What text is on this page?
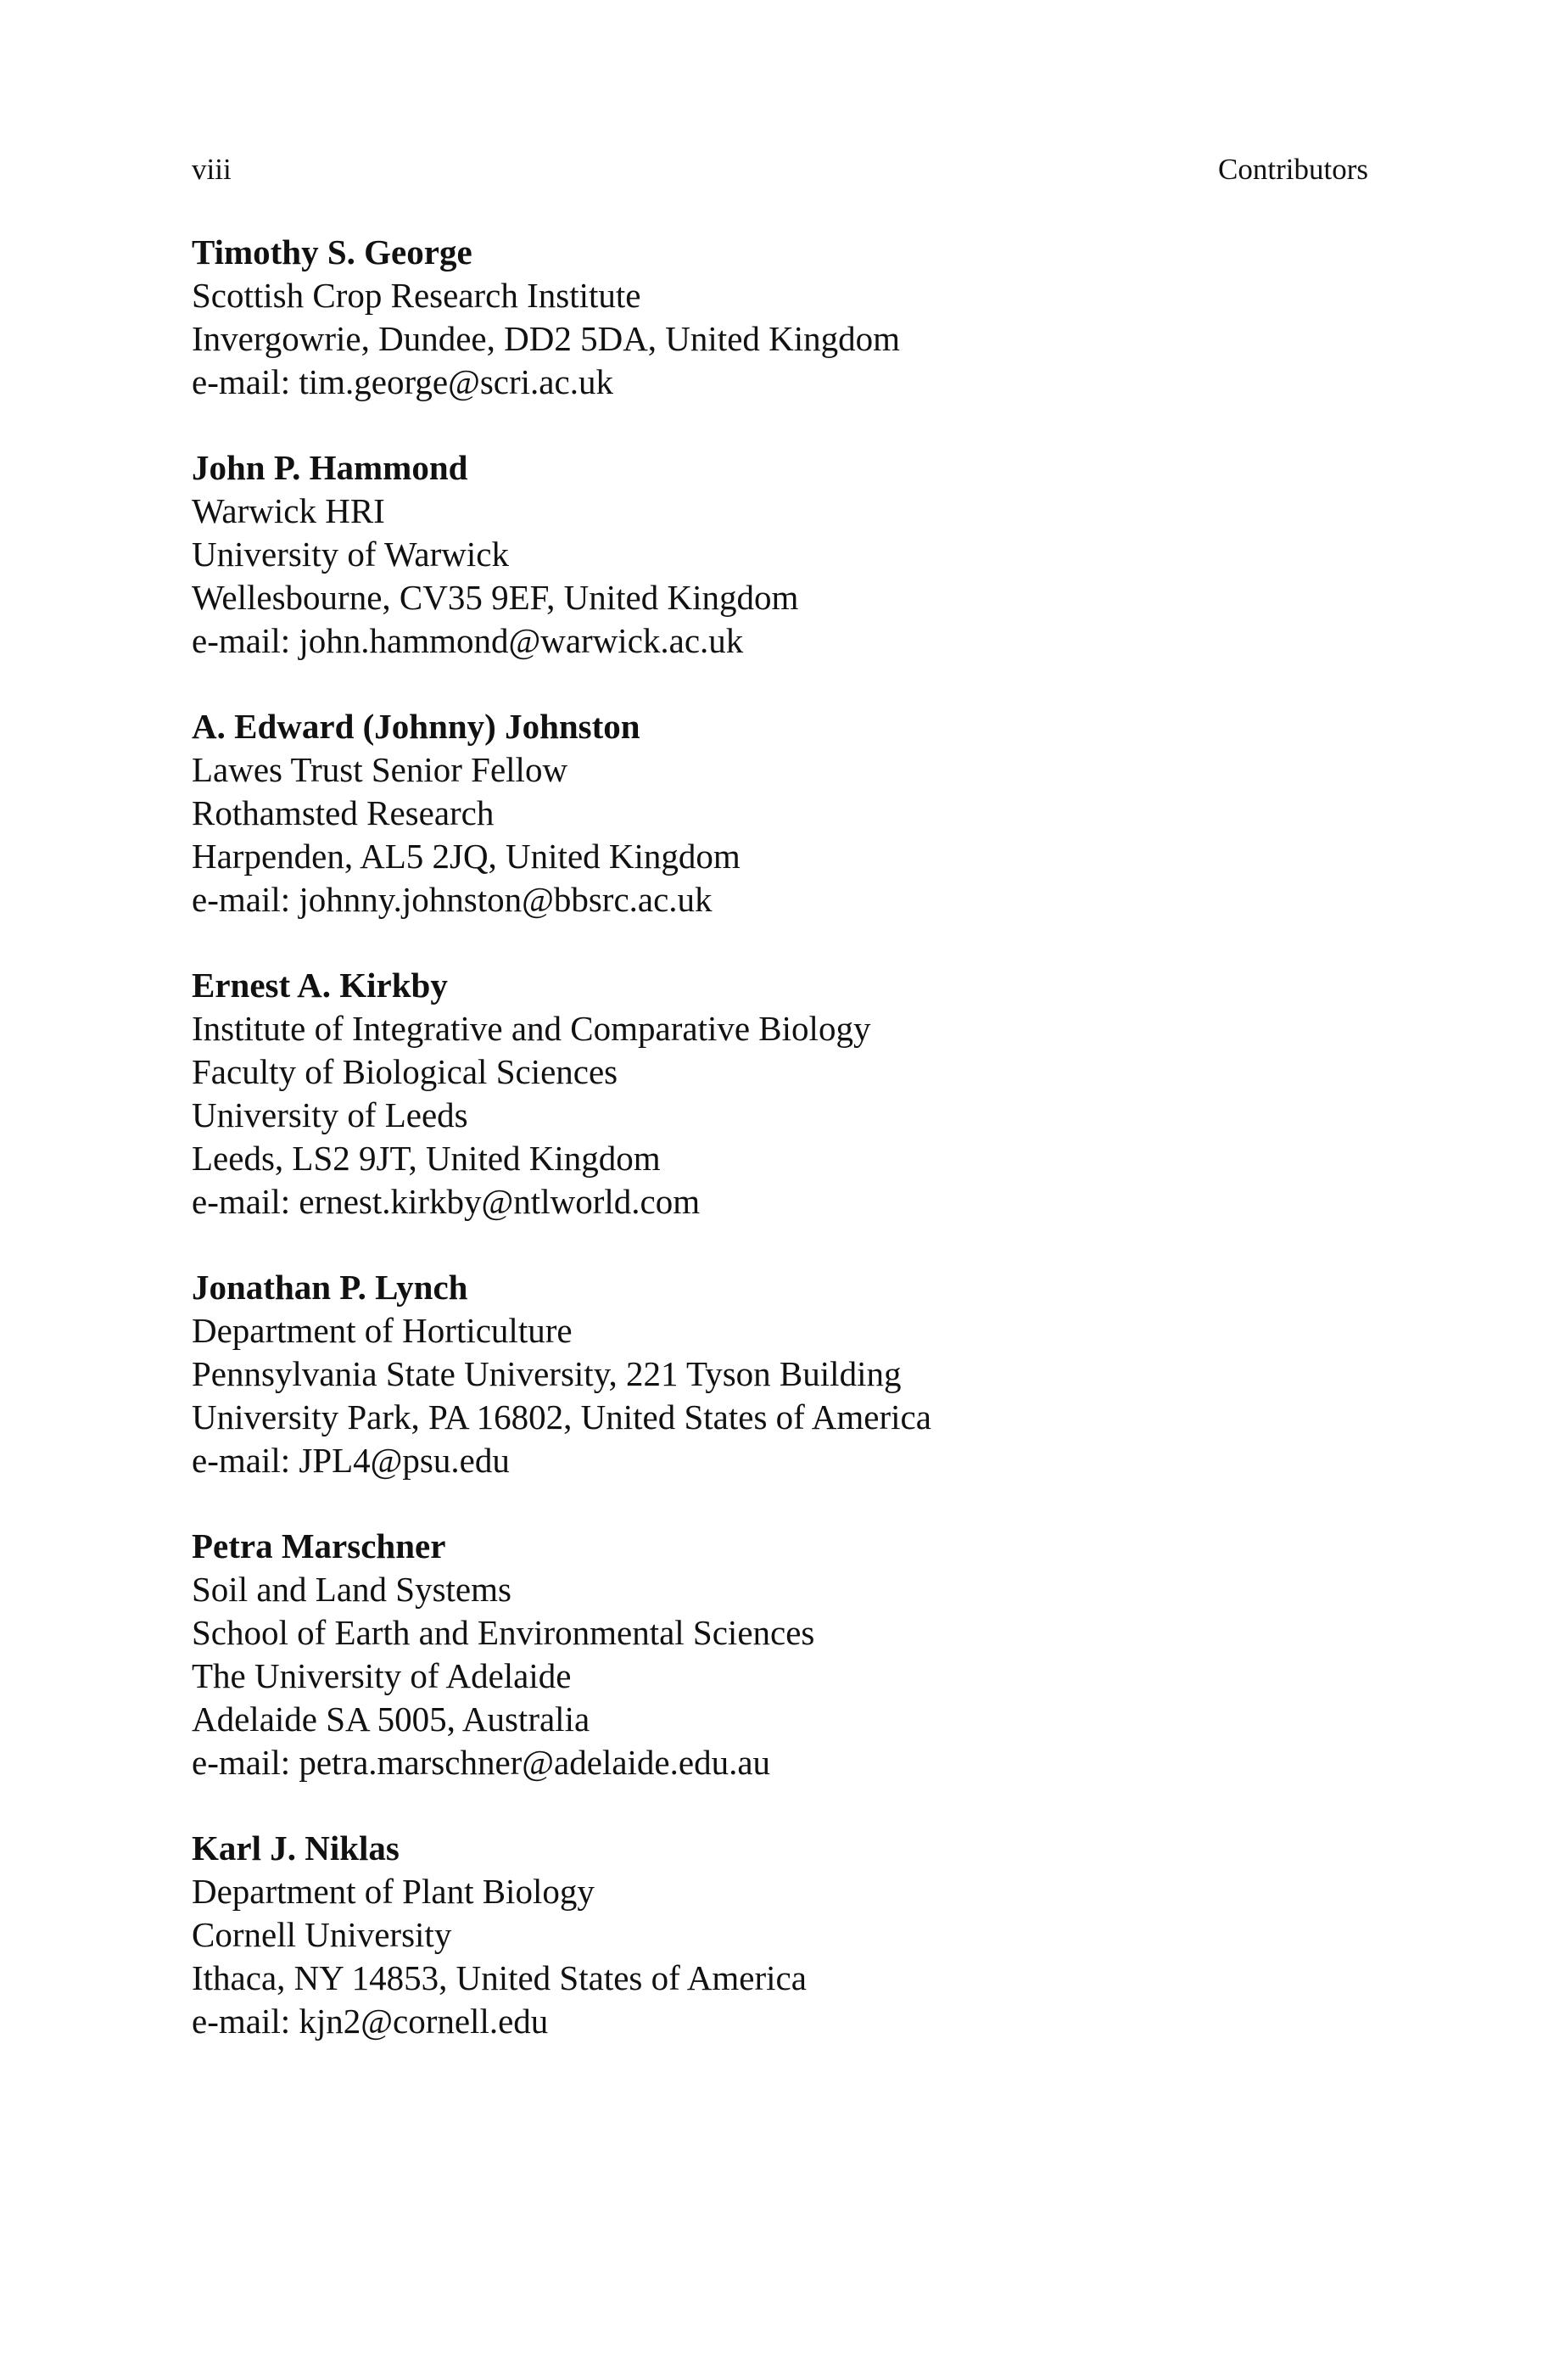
viii	Contributors
Timothy S. George
Scottish Crop Research Institute
Invergowrie, Dundee, DD2 5DA, United Kingdom
e-mail: tim.george@scri.ac.uk
John P. Hammond
Warwick HRI
University of Warwick
Wellesbourne, CV35 9EF, United Kingdom
e-mail: john.hammond@warwick.ac.uk
A. Edward (Johnny) Johnston
Lawes Trust Senior Fellow
Rothamsted Research
Harpenden, AL5 2JQ, United Kingdom
e-mail: johnny.johnston@bbsrc.ac.uk
Ernest A. Kirkby
Institute of Integrative and Comparative Biology
Faculty of Biological Sciences
University of Leeds
Leeds, LS2 9JT, United Kingdom
e-mail: ernest.kirkby@ntlworld.com
Jonathan P. Lynch
Department of Horticulture
Pennsylvania State University, 221 Tyson Building
University Park, PA 16802, United States of America
e-mail: JPL4@psu.edu
Petra Marschner
Soil and Land Systems
School of Earth and Environmental Sciences
The University of Adelaide
Adelaide SA 5005, Australia
e-mail: petra.marschner@adelaide.edu.au
Karl J. Niklas
Department of Plant Biology
Cornell University
Ithaca, NY 14853, United States of America
e-mail: kjn2@cornell.edu
